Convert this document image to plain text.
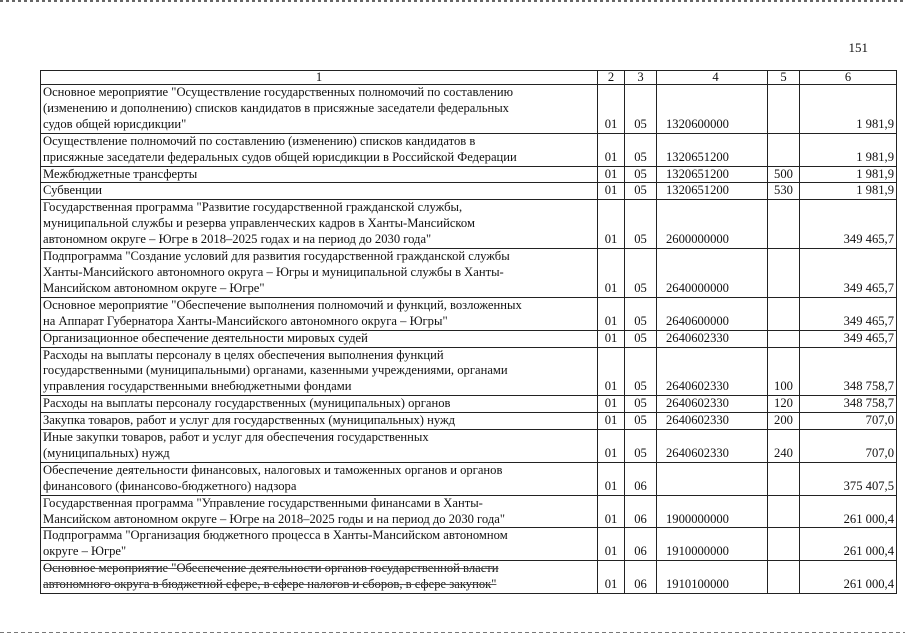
151
1	2	3	4	5	6
Основное мероприятие "Осуществление государственных полномочий по составлению
(изменению и дополнению) списков кандидатов в присяжные заседатели федеральных
судов общей юрисдикции"	01	05	1320600000		1 981,9
Осуществление полномочий по составлению (изменению) списков кандидатов в
присяжные заседатели федеральных судов общей юрисдикции в Российской Федерации	01	05	1320651200		1 981,9
Межбюджетные трансферты	01	05	1320651200	500	1 981,9
Субвенции	01	05	1320651200	530	1 981,9
Государственная программа "Развитие государственной гражданской службы,
муниципальной службы и резерва управленческих кадров в Ханты-Мансийском
автономном округе – Югре в 2018–2025 годах и на период до 2030 года"	01	05	2600000000		349 465,7
Подпрограмма "Создание условий для развития государственной гражданской службы
Ханты-Мансийского автономного округа – Югры и муниципальной службы в Ханты-
Мансийском автономном округе – Югре"	01	05	2640000000		349 465,7
Основное мероприятие "Обеспечение выполнения полномочий и функций, возложенных
на Аппарат Губернатора Ханты-Мансийского автономного округа – Югры"	01	05	2640600000		349 465,7
Организационное обеспечение деятельности мировых судей	01	05	2640602330		349 465,7
Расходы на выплаты персоналу в целях обеспечения выполнения функций
государственными (муниципальными) органами, казенными учреждениями, органами
управления государственными внебюджетными фондами	01	05	2640602330	100	348 758,7
Расходы на выплаты персоналу государственных (муниципальных) органов	01	05	2640602330	120	348 758,7
Закупка товаров, работ и услуг для государственных (муниципальных) нужд	01	05	2640602330	200	707,0
Иные закупки товаров, работ и услуг для обеспечения государственных
(муниципальных) нужд	01	05	2640602330	240	707,0
Обеспечение деятельности финансовых, налоговых и таможенных органов и органов
финансового (финансово-бюджетного) надзора	01	06			375 407,5
Государственная программа "Управление государственными финансами в Ханты-
Мансийском автономном округе – Югре на 2018–2025 годы и на период до 2030 года"	01	06	1900000000		261 000,4
Подпрограмма "Организация бюджетного процесса в Ханты-Мансийском автономном
округе – Югре"	01	06	1910000000		261 000,4
Основное мероприятие "Обеспечение деятельности органов государственной власти
автономного округа в бюджетной сфере, в сфере налогов и сборов, в сфере закупок"	01	06	1910100000		261 000,4
